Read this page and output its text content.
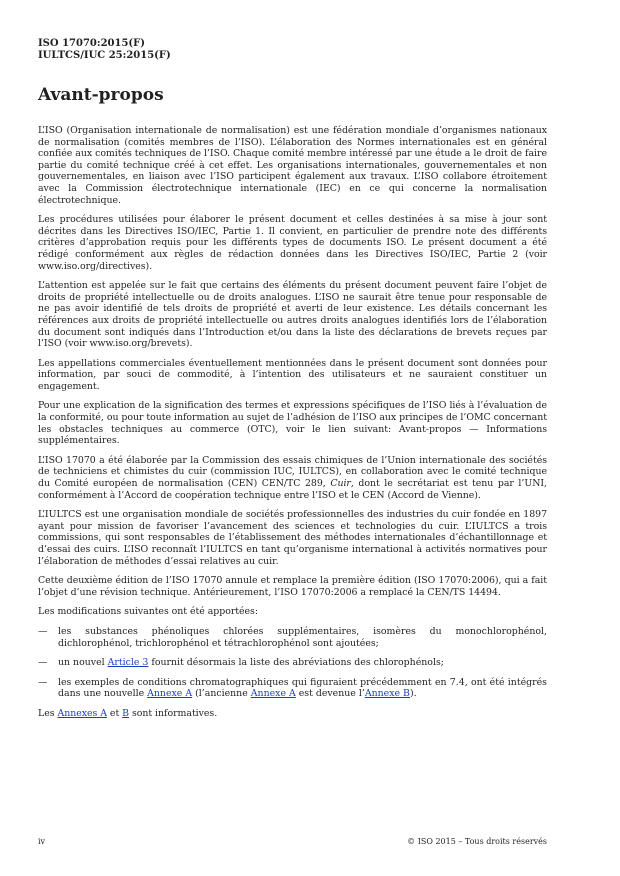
ISO 17070:2015(F)
IULTCS/IUC 25:2015(F)
Avant-propos

L’ISO (Organisation internationale de normalisation) est une fédération mondiale d’organismes nationaux de normalisation (comités membres de l’ISO). L’élaboration des Normes internationales est en général confiée aux comités techniques de l’ISO. Chaque comité membre intéressé par une étude a le droit de faire partie du comité technique créé à cet effet. Les organisations internationales, gouvernementales et non gouvernementales, en liaison avec l’ISO participent également aux travaux. L’ISO collabore étroitement avec la Commission électrotechnique internationale (IEC) en ce qui concerne la normalisation électrotechnique.

Les procédures utilisées pour élaborer le présent document et celles destinées à sa mise à jour sont décrites dans les Directives ISO/IEC, Partie 1. Il convient, en particulier de prendre note des différents critères d’approbation requis pour les différents types de documents ISO. Le présent document a été rédigé conformément aux règles de rédaction données dans les Directives ISO/IEC, Partie 2 (voir www.iso.org/directives).

L’attention est appelée sur le fait que certains des éléments du présent document peuvent faire l’objet de droits de propriété intellectuelle ou de droits analogues. L’ISO ne saurait être tenue pour responsable de ne pas avoir identifié de tels droits de propriété et averti de leur existence. Les détails concernant les références aux droits de propriété intellectuelle ou autres droits analogues identifiés lors de l’élaboration du document sont indiqués dans l’Introduction et/ou dans la liste des déclarations de brevets reçues par l’ISO (voir www.iso.org/brevets).

Les appellations commerciales éventuellement mentionnées dans le présent document sont données pour information, par souci de commodité, à l’intention des utilisateurs et ne sauraient constituer un engagement.

Pour une explication de la signification des termes et expressions spécifiques de l’ISO liés à l’évaluation de la conformité, ou pour toute information au sujet de l’adhésion de l’ISO aux principes de l’OMC concernant les obstacles techniques au commerce (OTC), voir le lien suivant: Avant-propos — Informations supplémentaires.

L’ISO 17070 a été élaborée par la Commission des essais chimiques de l’Union internationale des sociétés de techniciens et chimistes du cuir (commission IUC, IULTCS), en collaboration avec le comité technique du Comité européen de normalisation (CEN) CEN/TC 289, Cuir, dont le secrétariat est tenu par l’UNI, conformément à l’Accord de coopération technique entre l’ISO et le CEN (Accord de Vienne).

L’IULTCS est une organisation mondiale de sociétés professionnelles des industries du cuir fondée en 1897 ayant pour mission de favoriser l’avancement des sciences et technologies du cuir. L’IULTCS a trois commissions, qui sont responsables de l’établissement des méthodes internationales d’échantillonnage et d’essai des cuirs. L’ISO reconnaît l’IULTCS en tant qu’organisme international à activités normatives pour l’élaboration de méthodes d’essai relatives au cuir.

Cette deuxième édition de l’ISO 17070 annule et remplace la première édition (ISO 17070:2006), qui a fait l’objet d’une révision technique. Antérieurement, l’ISO 17070:2006 a remplacé la CEN/TS 14494.

Les modifications suivantes ont été apportées:

—	les substances phénoliques chlorées supplémentaires, isomères du monochlorophénol, dichlorophénol, trichlorophénol et tétrachlorophénol sont ajoutées;
—	un nouvel Article 3 fournit désormais la liste des abréviations des chlorophénols;
—	les exemples de conditions chromatographiques qui figuraient précédemment en 7.4, ont été intégrés dans une nouvelle Annexe A (l’ancienne Annexe A est devenue l’Annexe B).

Les Annexes A et B sont informatives.

iv	© ISO 2015 – Tous droits réservés
